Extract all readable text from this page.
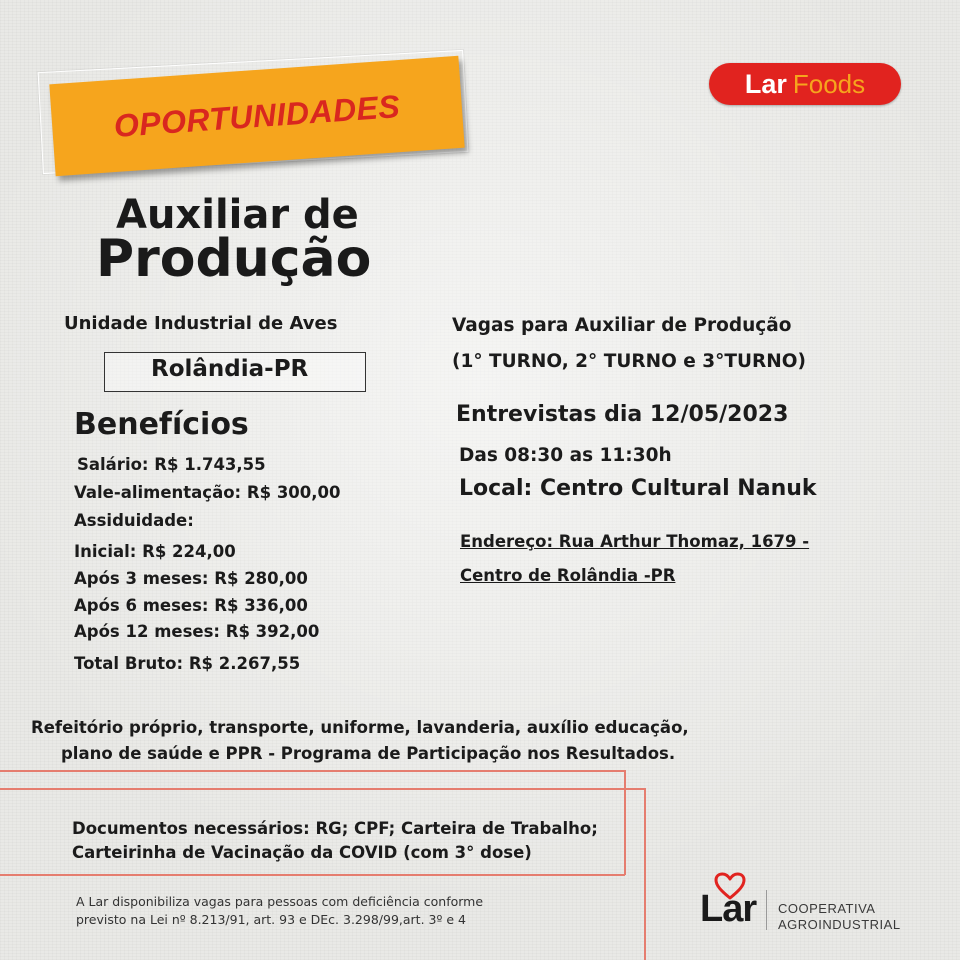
OPORTUNIDADES
Lar Foods
Auxiliar de
Produção
Unidade Industrial de Aves
Rolândia-PR
Benefícios
Salário: R$ 1.743,55
Vale-alimentação: R$ 300,00
Assiduidade:
Inicial: R$ 224,00
Após 3 meses: R$ 280,00
Após 6 meses: R$ 336,00
Após 12 meses: R$ 392,00
Total Bruto: R$ 2.267,55
Vagas para Auxiliar de Produção
(1° TURNO, 2° TURNO e 3°TURNO)
Entrevistas dia 12/05/2023
Das 08:30 as 11:30h
Local: Centro Cultural Nanuk
Endereço: Rua Arthur Thomaz, 1679 -
Centro de Rolândia -PR
Refeitório próprio, transporte, uniforme, lavanderia, auxílio educação,
plano de saúde e PPR - Programa de Participação nos Resultados.
Documentos necessários: RG; CPF; Carteira de Trabalho;
Carteirinha de Vacinação da COVID (com 3° dose)
A Lar disponibiliza vagas para pessoas com deficiência conforme
previsto na Lei nº 8.213/91, art. 93 e DEc. 3.298/99,art. 3º e 4	Lar COOPERATIVA
AGROINDUSTRIAL
